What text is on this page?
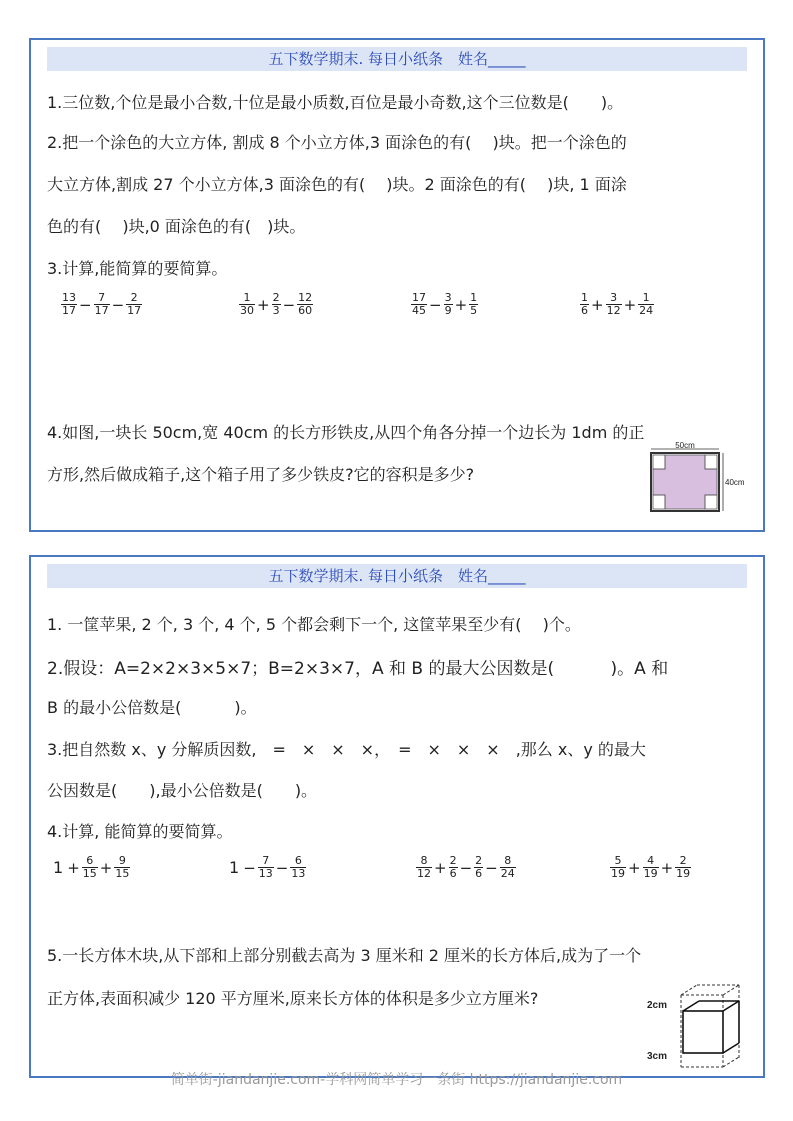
五下数学期末. 每日小纸条　姓名_____
1.三位数,个位是最小合数,十位是最小质数,百位是最小奇数,这个三位数是(　　)。
2.把一个涂色的大立方体, 割成 8 个小立方体,3 面涂色的有(　 )块。把一个涂色的
大立方体,割成 27 个小立方体,3 面涂色的有(　 )块。2 面涂色的有(　 )块, 1 面涂
色的有(　 )块,0 面涂色的有(　)块。
3.计算,能简算的要简算。
$\frac{13}{17} - \frac{7}{17} - \frac{2}{17}$	$\frac{1}{30} + \frac{2}{3} - \frac{12}{60}$	$\frac{17}{45} - \frac{3}{9} + \frac{1}{5}$	$\frac{1}{6} + \frac{3}{12} + \frac{1}{24}$
4.如图,一块长 50cm,宽 40cm 的长方形铁皮,从四个角各分掉一个边长为 1dm 的正
方形,然后做成箱子,这个箱子用了多少铁皮?它的容积是多少?
50cm
40cm
五下数学期末. 每日小纸条　姓名_____
1. 一筐苹果, 2 个, 3 个, 4 个, 5 个都会剩下一个, 这筐苹果至少有(　 )个。
2.假设：A=2×2×3×5×7；B=2×3×7，A 和 B 的最大公因数是(　　　 )。A 和
B 的最小公倍数是(　　　 )。
3.把自然数 x、y 分解质因数,　=　×　×　×，　=　×　×　×　,那么 x、y 的最大
公因数是(　　),最小公倍数是(　　)。
4.计算, 能简算的要简算。
$1 + \frac{6}{15} + \frac{9}{15}$	$1 - \frac{7}{13} - \frac{6}{13}$	$\frac{8}{12} + \frac{2}{6} - \frac{2}{6} - \frac{8}{24}$	$\frac{5}{19} + \frac{4}{19} + \frac{2}{19}$
5.一长方体木块,从下部和上部分别截去高为 3 厘米和 2 厘米的长方体后,成为了一个
正方体,表面积减少 120 平方厘米,原来长方体的体积是多少立方厘米?	2cm
3cm
简单街-jiandanjie.com-学科网简单学习一条街 https://jiandanjie.com
